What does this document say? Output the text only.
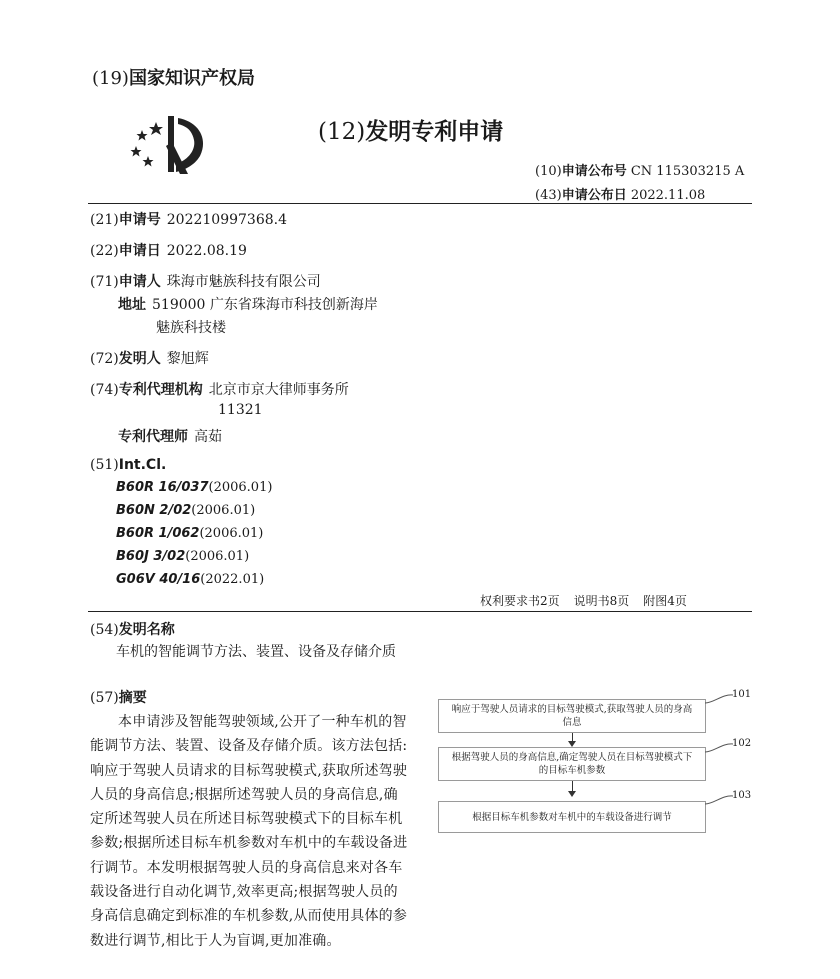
(19)国家知识产权局
(12)发明专利申请
(10)申请公布号 CN 115303215 A
(43)申请公布日 2022.11.08
(21)申请号 202210997368.4
(22)申请日 2022.08.19
(71)申请人 珠海市魅族科技有限公司
地址 519000 广东省珠海市科技创新海岸
魅族科技楼
(72)发明人 黎旭辉
(74)专利代理机构 北京市京大律师事务所
11321
专利代理师 高茹
(51)Int.Cl.
B60R 16/037(2006.01)
B60N 2/02(2006.01)
B60R 1/062(2006.01)
B60J 3/02(2006.01)
G06V 40/16(2022.01)
权利要求书2页 说明书8页 附图4页
(54)发明名称
车机的智能调节方法、装置、设备及存储介质
(57)摘要
本申请涉及智能驾驶领域,公开了一种车机的智能调节方法、装置、设备及存储介质。该方法包括:响应于驾驶人员请求的目标驾驶模式,获取所述驾驶人员的身高信息;根据所述驾驶人员的身高信息,确定所述驾驶人员在所述目标驾驶模式下的目标车机参数;根据所述目标车机参数对车机中的车载设备进行调节。本发明根据驾驶人员的身高信息来对各车载设备进行自动化调节,效率更高;根据驾驶人员的身高信息确定到标准的车机参数,从而使用具体的参数进行调节,相比于人为盲调,更加准确。
响应于驾驶人员请求的目标驾驶模式,获取驾驶人员的身高信息
101
根据驾驶人员的身高信息,确定驾驶人员在目标驾驶模式下的目标车机参数
102
根据目标车机参数对车机中的车载设备进行调节
103
